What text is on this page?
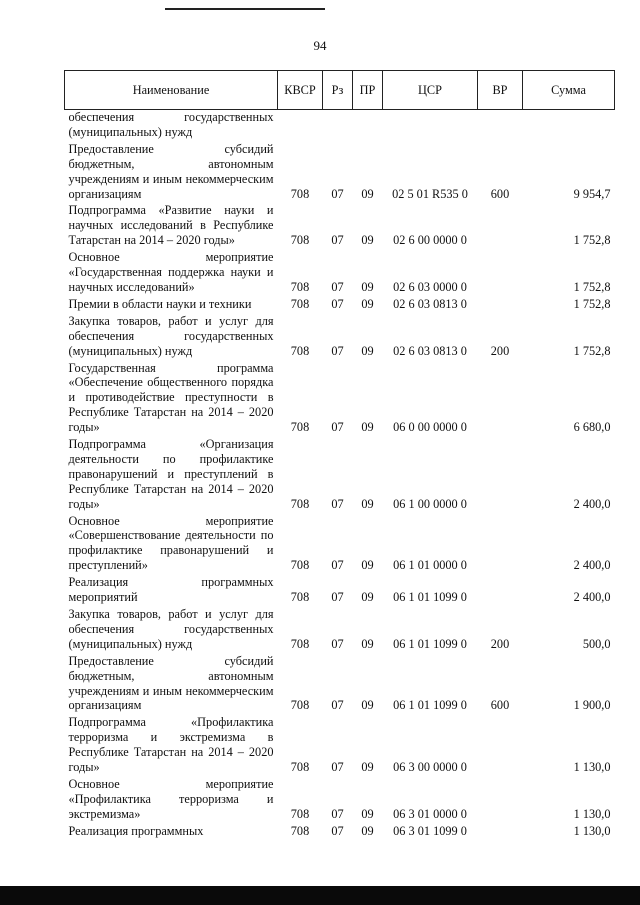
94
Наименование	КВСР	Рз	ПР	ЦСР	ВР	Сумма
обеспечения государственных (муниципальных) нужд						
Предоставление субсидий бюджетным, автономным учреждениям и иным некоммерческим организациям	708	07	09	02 5 01 R535 0	600	9 954,7
Подпрограмма «Развитие науки и научных исследований в Республике Татарстан на 2014 – 2020 годы»	708	07	09	02 6 00 0000 0		1 752,8
Основное мероприятие «Государственная поддержка науки и научных исследований»	708	07	09	02 6 03 0000 0		1 752,8
Премии в области науки и техники	708	07	09	02 6 03 0813 0		1 752,8
Закупка товаров, работ и услуг для обеспечения государственных (муниципальных) нужд	708	07	09	02 6 03 0813 0	200	1 752,8
Государственная программа «Обеспечение общественного порядка и противодействие преступности в Республике Татарстан на 2014 – 2020 годы»	708	07	09	06 0 00 0000 0		6 680,0
Подпрограмма «Организация деятельности по профилактике правонарушений и преступлений в Республике Татарстан на 2014 – 2020 годы»	708	07	09	06 1 00 0000 0		2 400,0
Основное мероприятие «Совершенствование деятельности по профилактике правонарушений и преступлений»	708	07	09	06 1 01 0000 0		2 400,0
Реализация программных мероприятий	708	07	09	06 1 01 1099 0		2 400,0
Закупка товаров, работ и услуг для обеспечения государственных (муниципальных) нужд	708	07	09	06 1 01 1099 0	200	500,0
Предоставление субсидий бюджетным, автономным учреждениям и иным некоммерческим организациям	708	07	09	06 1 01 1099 0	600	1 900,0
Подпрограмма «Профилактика терроризма и экстремизма в Республике Татарстан на 2014 – 2020 годы»	708	07	09	06 3 00 0000 0		1 130,0
Основное мероприятие «Профилактика терроризма и экстремизма»	708	07	09	06 3 01 0000 0		1 130,0
Реализация программных	708	07	09	06 3 01 1099 0		1 130,0
